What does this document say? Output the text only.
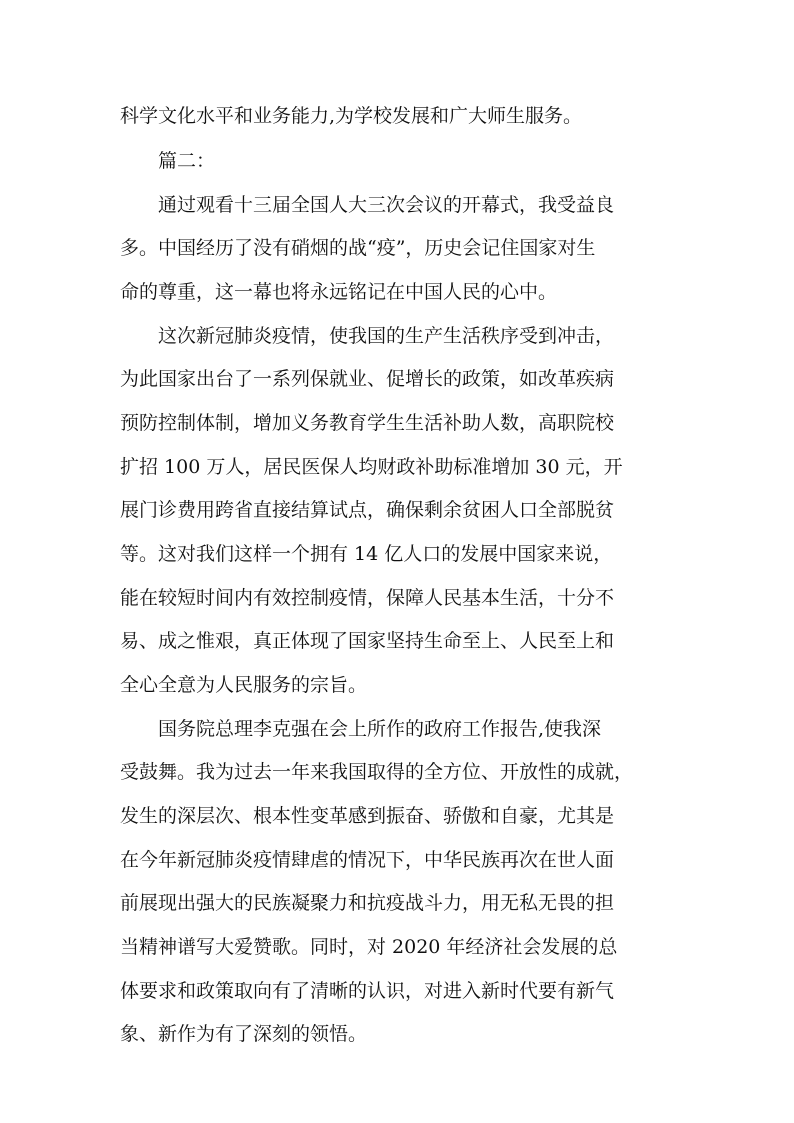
科学文化水平和业务能力,为学校发展和广大师生服务。
篇二：
通过观看十三届全国人大三次会议的开幕式，我受益良
多。中国经历了没有硝烟的战“疫”，历史会记住国家对生
命的尊重，这一幕也将永远铭记在中国人民的心中。
这次新冠肺炎疫情，使我国的生产生活秩序受到冲击，
为此国家出台了一系列保就业、促增长的政策，如改革疾病
预防控制体制，增加义务教育学生生活补助人数，高职院校
扩招 100 万人，居民医保人均财政补助标准增加 30 元，开
展门诊费用跨省直接结算试点，确保剩余贫困人口全部脱贫
等。这对我们这样一个拥有 14 亿人口的发展中国家来说，
能在较短时间内有效控制疫情，保障人民基本生活，十分不
易、成之惟艰，真正体现了国家坚持生命至上、人民至上和
全心全意为人民服务的宗旨。
国务院总理李克强在会上所作的政府工作报告,使我深
受鼓舞。我为过去一年来我国取得的全方位、开放性的成就，
发生的深层次、根本性变革感到振奋、骄傲和自豪，尤其是
在今年新冠肺炎疫情肆虐的情况下，中华民族再次在世人面
前展现出强大的民族凝聚力和抗疫战斗力，用无私无畏的担
当精神谱写大爱赞歌。同时，对 2020 年经济社会发展的总
体要求和政策取向有了清晰的认识，对进入新时代要有新气
象、新作为有了深刻的领悟。
